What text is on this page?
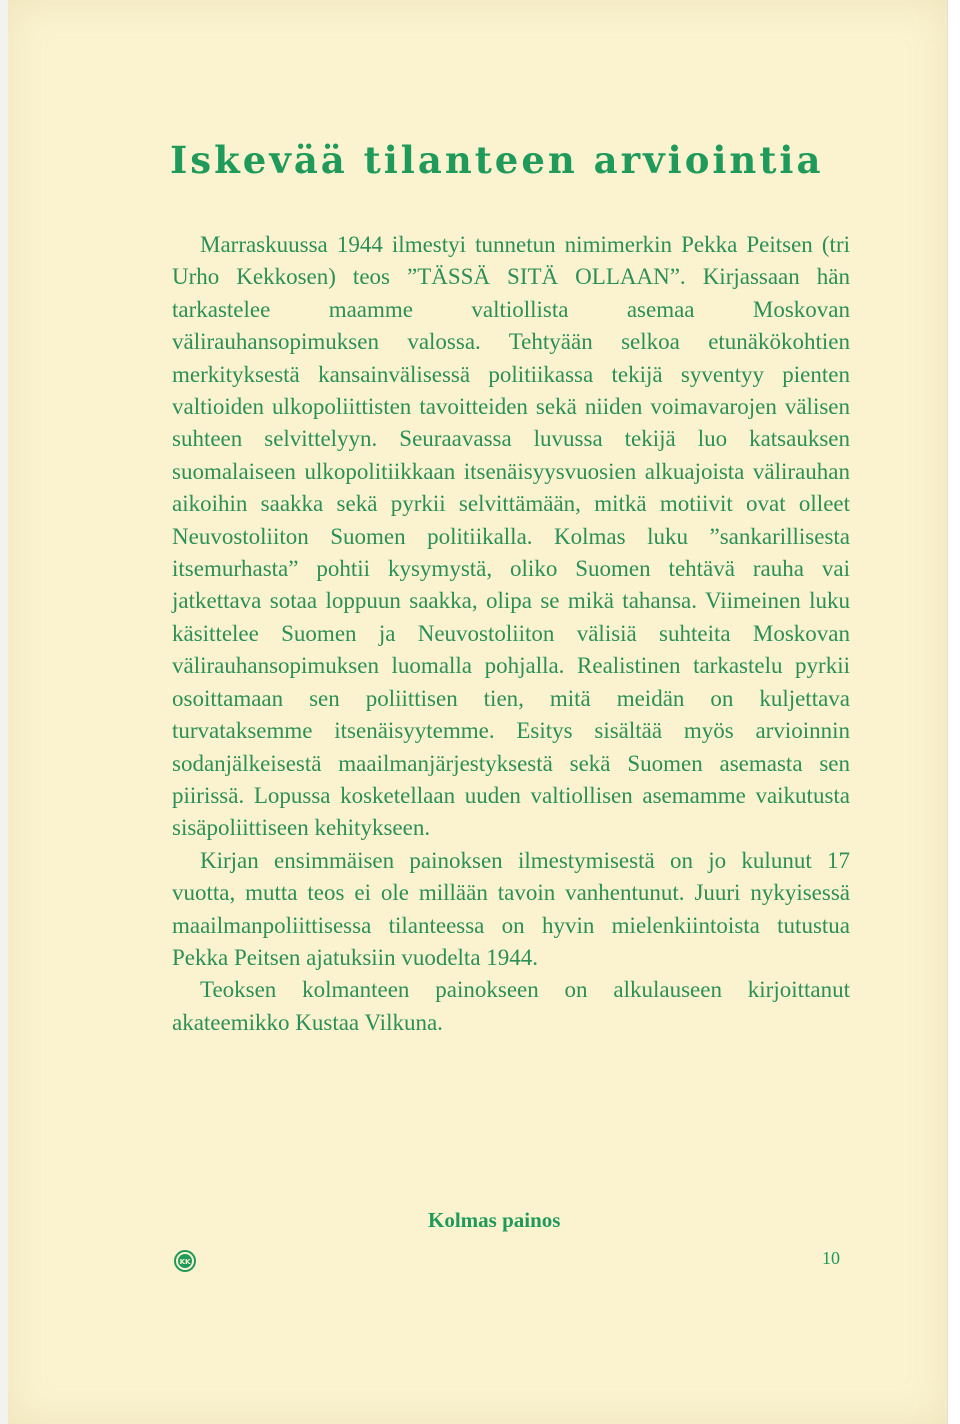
Iskevää tilanteen arviointia

Marraskuussa 1944 ilmestyi tunnetun nimimerkin Pekka Peitsen (tri Urho Kekkosen) teos ”TÄSSÄ SITÄ OLLAAN”. Kirjassaan hän tarkastelee maamme valtiollista asemaa Moskovan välirauhansopimuksen valossa. Tehtyään selkoa etunäkökohtien merkityksestä kansainvälisessä politiikassa tekijä syventyy pienten valtioiden ulkopoliittisten tavoitteiden sekä niiden voimavarojen välisen suhteen selvittelyyn. Seuraavassa luvussa tekijä luo katsauksen suomalaiseen ulkopolitiikkaan itsenäisyysvuosien alkuajoista välirauhan aikoihin saakka sekä pyrkii selvittämään, mitkä motiivit ovat olleet Neuvostoliiton Suomen politiikalla. Kolmas luku ”sankarillisesta itsemurhasta” pohtii kysymystä, oliko Suomen tehtävä rauha vai jatkettava sotaa loppuun saakka, olipa se mikä tahansa. Viimeinen luku käsittelee Suomen ja Neuvostoliiton välisiä suhteita Moskovan välirauhansopimuksen luomalla pohjalla. Realistinen tarkastelu pyrkii osoittamaan sen poliittisen tien, mitä meidän on kuljettava turvataksemme itsenäisyytemme. Esitys sisältää myös arvioinnin sodanjälkeisestä maailmanjärjestyksestä sekä Suomen asemasta sen piirissä. Lopussa kosketellaan uuden valtiollisen asemamme vaikutusta sisäpoliittiseen kehitykseen.

Kirjan ensimmäisen painoksen ilmestymisestä on jo kulunut 17 vuotta, mutta teos ei ole millään tavoin vanhentunut. Juuri nykyisessä maailmanpoliittisessa tilanteessa on hyvin mielenkiintoista tutustua Pekka Peitsen ajatuksiin vuodelta 1944.

Teoksen kolmanteen painokseen on alkulauseen kirjoittanut akateemikko Kustaa Vilkuna.

Kolmas painos
KK	10
